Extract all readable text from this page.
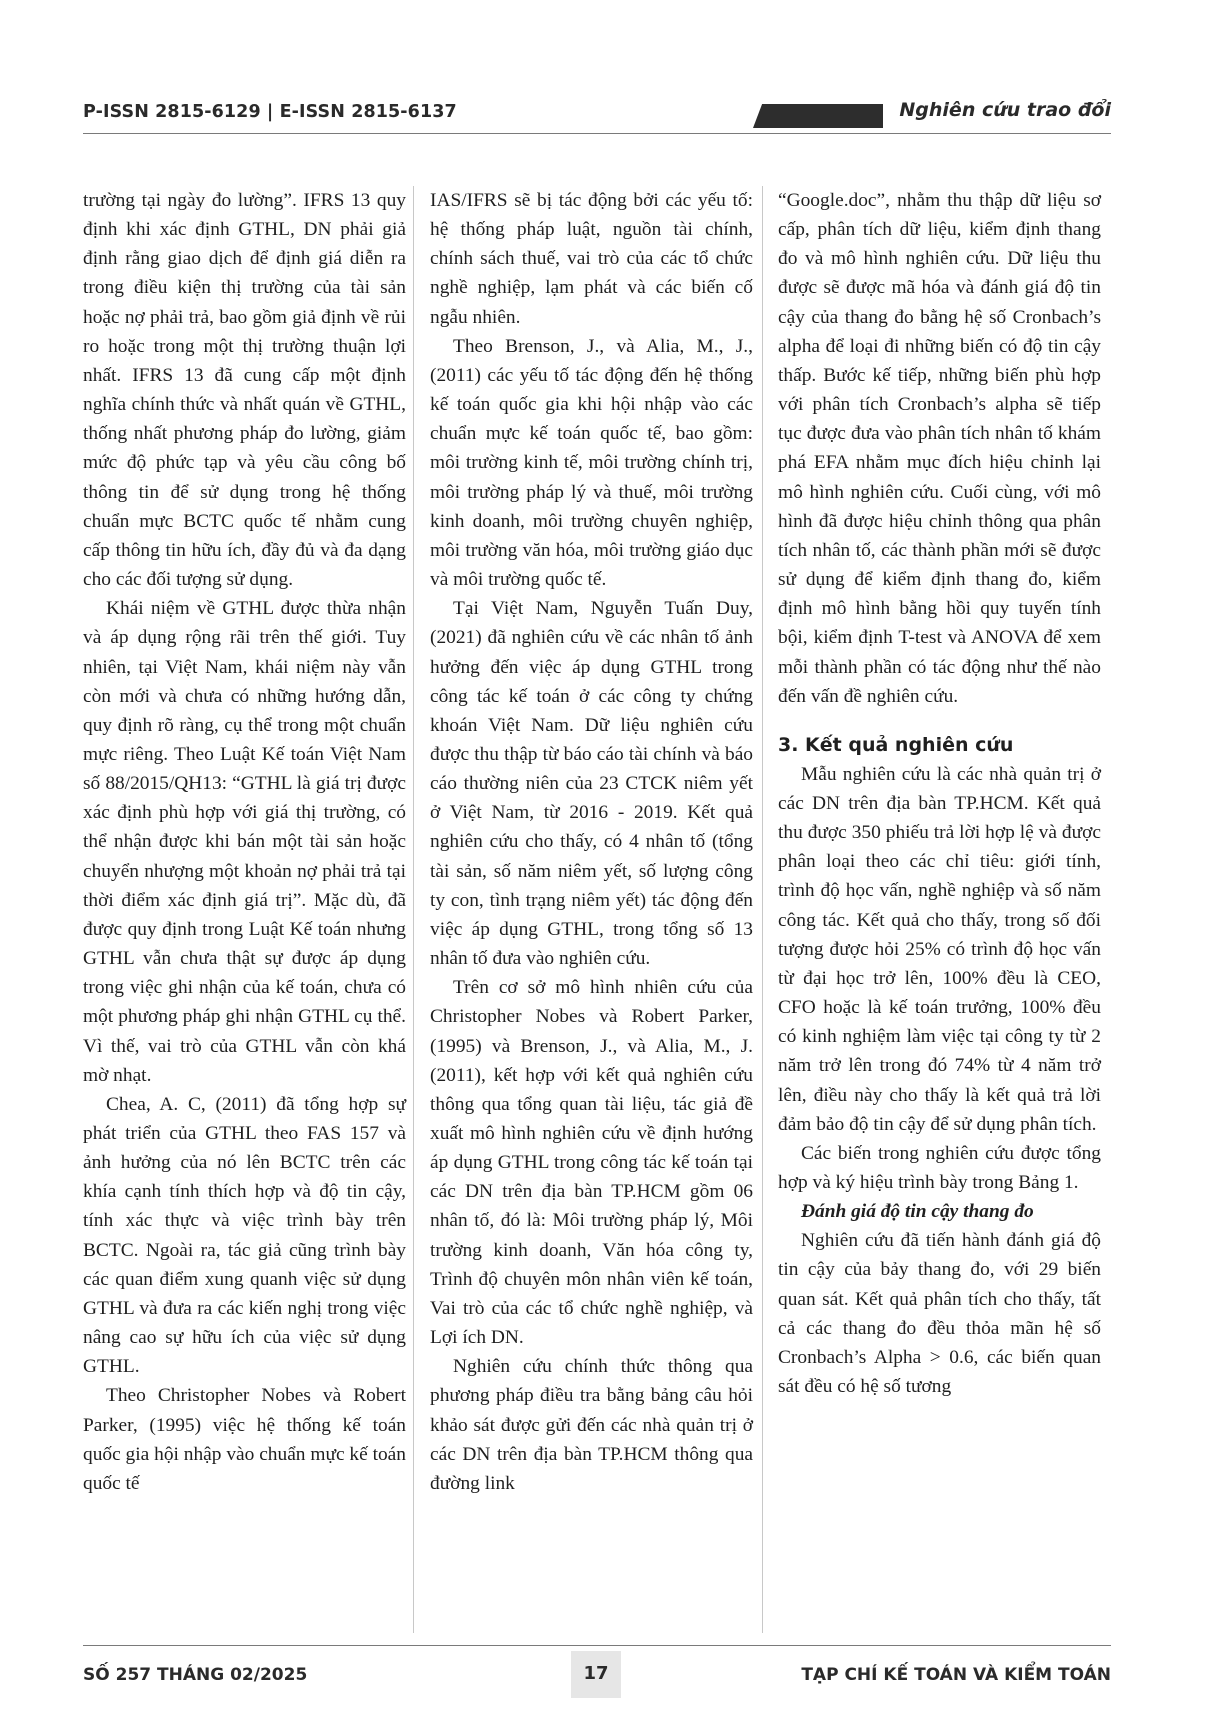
P-ISSN 2815-6129 | E-ISSN 2815-6137	Nghiên cứu trao đổi

trường tại ngày đo lường”. IFRS 13 quy định khi xác định GTHL, DN phải giả định rằng giao dịch để định giá diễn ra trong điều kiện thị trường của tài sản hoặc nợ phải trả, bao gồm giả định về rủi ro hoặc trong một thị trường thuận lợi nhất. IFRS 13 đã cung cấp một định nghĩa chính thức và nhất quán về GTHL, thống nhất phương pháp đo lường, giảm mức độ phức tạp và yêu cầu công bố thông tin để sử dụng trong hệ thống chuẩn mực BCTC quốc tế nhằm cung cấp thông tin hữu ích, đầy đủ và đa dạng cho các đối tượng sử dụng.

Khái niệm về GTHL được thừa nhận và áp dụng rộng rãi trên thế giới. Tuy nhiên, tại Việt Nam, khái niệm này vẫn còn mới và chưa có những hướng dẫn, quy định rõ ràng, cụ thể trong một chuẩn mực riêng. Theo Luật Kế toán Việt Nam số 88/2015/QH13: “GTHL là giá trị được xác định phù hợp với giá thị trường, có thể nhận được khi bán một tài sản hoặc chuyển nhượng một khoản nợ phải trả tại thời điểm xác định giá trị”. Mặc dù, đã được quy định trong Luật Kế toán nhưng GTHL vẫn chưa thật sự được áp dụng trong việc ghi nhận của kế toán, chưa có một phương pháp ghi nhận GTHL cụ thể. Vì thế, vai trò của GTHL vẫn còn khá mờ nhạt.

Chea, A. C, (2011) đã tổng hợp sự phát triển của GTHL theo FAS 157 và ảnh hưởng của nó lên BCTC trên các khía cạnh tính thích hợp và độ tin cậy, tính xác thực và việc trình bày trên BCTC. Ngoài ra, tác giả cũng trình bày các quan điểm xung quanh việc sử dụng GTHL và đưa ra các kiến nghị trong việc nâng cao sự hữu ích của việc sử dụng GTHL.

Theo Christopher Nobes và Robert Parker, (1995) việc hệ thống kế toán quốc gia hội nhập vào chuẩn mực kế toán quốc tế

IAS/IFRS sẽ bị tác động bởi các yếu tố: hệ thống pháp luật, nguồn tài chính, chính sách thuế, vai trò của các tổ chức nghề nghiệp, lạm phát và các biến cố ngẫu nhiên.

Theo Brenson, J., và Alia, M., J., (2011) các yếu tố tác động đến hệ thống kế toán quốc gia khi hội nhập vào các chuẩn mực kế toán quốc tế, bao gồm: môi trường kinh tế, môi trường chính trị, môi trường pháp lý và thuế, môi trường kinh doanh, môi trường chuyên nghiệp, môi trường văn hóa, môi trường giáo dục và môi trường quốc tế.

Tại Việt Nam, Nguyễn Tuấn Duy, (2021) đã nghiên cứu về các nhân tố ảnh hưởng đến việc áp dụng GTHL trong công tác kế toán ở các công ty chứng khoán Việt Nam. Dữ liệu nghiên cứu được thu thập từ báo cáo tài chính và báo cáo thường niên của 23 CTCK niêm yết ở Việt Nam, từ 2016 - 2019. Kết quả nghiên cứu cho thấy, có 4 nhân tố (tổng tài sản, số năm niêm yết, số lượng công ty con, tình trạng niêm yết) tác động đến việc áp dụng GTHL, trong tổng số 13 nhân tố đưa vào nghiên cứu.

Trên cơ sở mô hình nhiên cứu của Christopher Nobes và Robert Parker, (1995) và Brenson, J., và Alia, M., J. (2011), kết hợp với kết quả nghiên cứu thông qua tổng quan tài liệu, tác giả đề xuất mô hình nghiên cứu về định hướng áp dụng GTHL trong công tác kế toán tại các DN trên địa bàn TP.HCM gồm 06 nhân tố, đó là: Môi trường pháp lý, Môi trường kinh doanh, Văn hóa công ty, Trình độ chuyên môn nhân viên kế toán, Vai trò của các tổ chức nghề nghiệp, và Lợi ích DN.

Nghiên cứu chính thức thông qua phương pháp điều tra bằng bảng câu hỏi khảo sát được gửi đến các nhà quản trị ở các DN trên địa bàn TP.HCM thông qua đường link

“Google.doc”, nhằm thu thập dữ liệu sơ cấp, phân tích dữ liệu, kiểm định thang đo và mô hình nghiên cứu. Dữ liệu thu được sẽ được mã hóa và đánh giá độ tin cậy của thang đo bằng hệ số Cronbach’s alpha để loại đi những biến có độ tin cậy thấp. Bước kế tiếp, những biến phù hợp với phân tích Cronbach’s alpha sẽ tiếp tục được đưa vào phân tích nhân tố khám phá EFA nhằm mục đích hiệu chỉnh lại mô hình nghiên cứu. Cuối cùng, với mô hình đã được hiệu chỉnh thông qua phân tích nhân tố, các thành phần mới sẽ được sử dụng để kiểm định thang đo, kiểm định mô hình bằng hồi quy tuyến tính bội, kiểm định T-test và ANOVA để xem mỗi thành phần có tác động như thế nào đến vấn đề nghiên cứu.

3. Kết quả nghiên cứu

Mẫu nghiên cứu là các nhà quản trị ở các DN trên địa bàn TP.HCM. Kết quả thu được 350 phiếu trả lời hợp lệ và được phân loại theo các chỉ tiêu: giới tính, trình độ học vấn, nghề nghiệp và số năm công tác. Kết quả cho thấy, trong số đối tượng được hỏi 25% có trình độ học vấn từ đại học trở lên, 100% đều là CEO, CFO hoặc là kế toán trưởng, 100% đều có kinh nghiệm làm việc tại công ty từ 2 năm trở lên trong đó 74% từ 4 năm trở lên, điều này cho thấy là kết quả trả lời đảm bảo độ tin cậy để sử dụng phân tích.

Các biến trong nghiên cứu được tổng hợp và ký hiệu trình bày trong Bảng 1.

Đánh giá độ tin cậy thang đo

Nghiên cứu đã tiến hành đánh giá độ tin cậy của bảy thang đo, với 29 biến quan sát. Kết quả phân tích cho thấy, tất cả các thang đo đều thỏa mãn hệ số Cronbach’s Alpha > 0.6, các biến quan sát đều có hệ số tương

SỐ 257 THÁNG 02/2025	17	TẠP CHÍ KẾ TOÁN VÀ KIỂM TOÁN
